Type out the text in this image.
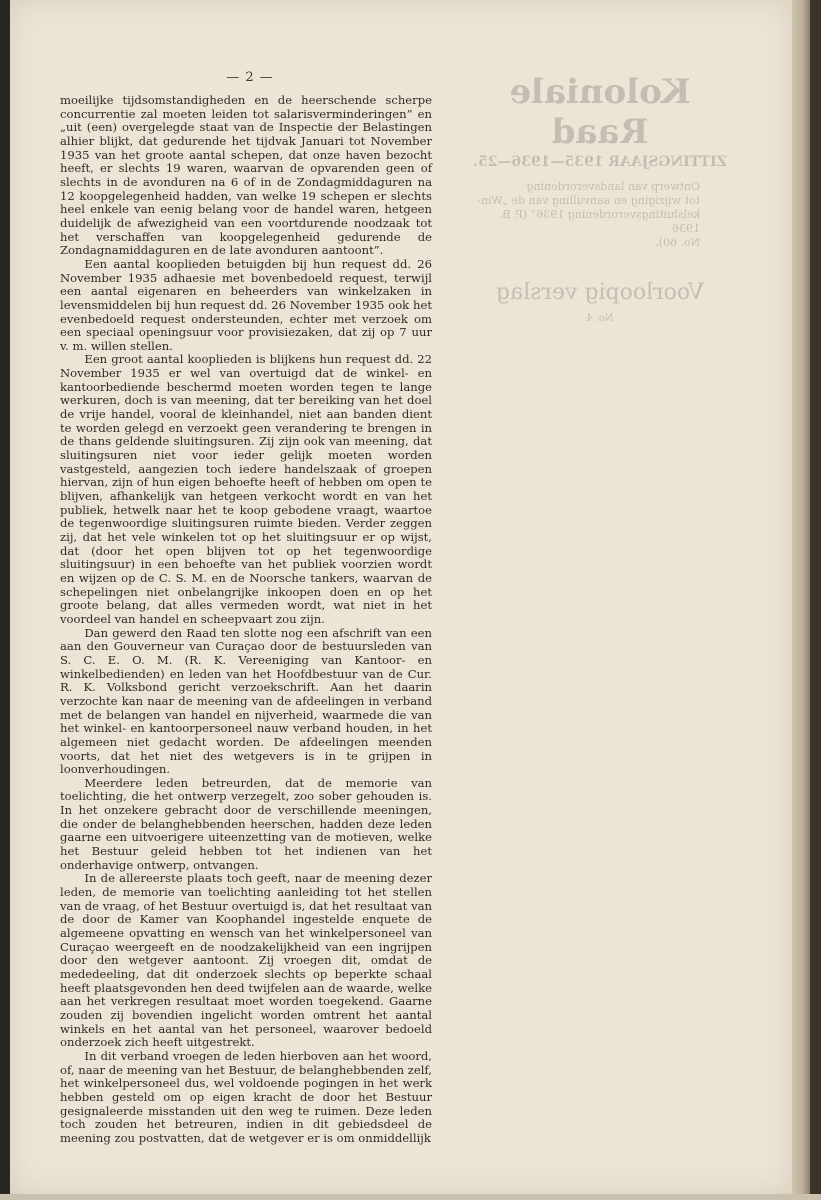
Koloniale Raad
ZITTINGSJAAR 1935—1936—25.
Ontwerp van landsverordening
tot wijziging en aanvulling van de „Win-
kelsluitingsverordening 1936” (P. B. 1936
No. 60).
Voorloopig verslag
No. 4
— 2 —

moeilijke tijdsomstandigheden en de heerschende scherpe concurrentie zal moeten leiden tot salarisverminderingen” en „uit (een) overgelegde staat van de Inspectie der Belastingen alhier blijkt, dat gedurende het tijdvak Januari tot November 1935 van het groote aantal schepen, dat onze haven bezocht heeft, er slechts 19 waren, waarvan de opvarenden geen of slechts in de avonduren na 6 of in de Zondagmiddaguren na 12 koopgelegenheid hadden, van welke 19 schepen er slechts heel enkele van eenig belang voor de handel waren, hetgeen duidelijk de afwezigheid van een voortdurende noodzaak tot het verschaffen van koopgelegenheid gedurende de Zondagnamiddaguren en de late avonduren aantoont”.

Een aantal kooplieden betuigden bij hun request dd. 26 November 1935 adhaesie met bovenbedoeld request, terwijl een aantal eigenaren en beheerders van winkelzaken in levensmiddelen bij hun request dd. 26 November 1935 ook het evenbedoeld request ondersteunden, echter met verzoek om een speciaal openingsuur voor provisiezaken, dat zij op 7 uur v. m. willen stellen.

Een groot aantal kooplieden is blijkens hun request dd. 22 November 1935 er wel van overtuigd dat de winkel- en kantoorbediende beschermd moeten worden tegen te lange werkuren, doch is van meening, dat ter bereiking van het doel de vrije handel, vooral de kleinhandel, niet aan banden dient te worden gelegd en verzoekt geen verandering te brengen in de thans geldende sluitingsuren. Zij zijn ook van meening, dat sluitingsuren niet voor ieder gelijk moeten worden vastgesteld, aangezien toch iedere handelszaak of groepen hiervan, zijn of hun eigen behoefte heeft of hebben om open te blijven, afhankelijk van hetgeen verkocht wordt en van het publiek, hetwelk naar het te koop gebodene vraagt, waartoe de tegenwoordige sluitingsuren ruimte bieden. Verder zeggen zij, dat het vele winkelen tot op het sluitingsuur er op wijst, dat (door het open blijven tot op het tegenwoordige sluitingsuur) in een behoefte van het publiek voorzien wordt en wijzen op de C. S. M. en de Noorsche tankers, waarvan de schepelingen niet onbelangrijke inkoopen doen en op het groote belang, dat alles vermeden wordt, wat niet in het voordeel van handel en scheepvaart zou zijn.

Dan gewerd den Raad ten slotte nog een afschrift van een aan den Gouverneur van Curaçao door de bestuursleden van S. C. E. O. M. (R. K. Vereeniging van Kantoor- en winkelbedienden) en leden van het Hoofdbestuur van de Cur. R. K. Volksbond gericht verzoekschrift. Aan het daarin verzochte kan naar de meening van de afdeelingen in verband met de belangen van handel en nijverheid, waarmede die van het winkel- en kantoorpersoneel nauw verband houden, in het algemeen niet gedacht worden. De afdeelingen meenden voorts, dat het niet des wetgevers is in te grijpen in loonverhoudingen.

Meerdere leden betreurden, dat de memorie van toelichting, die het ontwerp verzegelt, zoo sober gehouden is. In het onzekere gebracht door de verschillende meeningen, die onder de belanghebbenden heerschen, hadden deze leden gaarne een uitvoerigere uiteenzetting van de motieven, welke het Bestuur geleid hebben tot het indienen van het onderhavige ontwerp, ontvangen.

In de allereerste plaats toch geeft, naar de meening dezer leden, de memorie van toelichting aanleiding tot het stellen van de vraag, of het Bestuur overtuigd is, dat het resultaat van de door de Kamer van Koophandel ingestelde enquete de algemeene opvatting en wensch van het winkelpersoneel van Curaçao weergeeft en de noodzakelijkheid van een ingrijpen door den wetgever aantoont. Zij vroegen dit, omdat de mededeeling, dat dit onderzoek slechts op beperkte schaal heeft plaatsgevonden hen deed twijfelen aan de waarde, welke aan het verkregen resultaat moet worden toegekend. Gaarne zouden zij bovendien ingelicht worden omtrent het aantal winkels en het aantal van het personeel, waarover bedoeld onderzoek zich heeft uitgestrekt.

In dit verband vroegen de leden hierboven aan het woord, of, naar de meening van het Bestuur, de belanghebbenden zelf, het winkelpersoneel dus, wel voldoende pogingen in het werk hebben gesteld om op eigen kracht de door het Bestuur gesignaleerde misstanden uit den weg te ruimen. Deze leden toch zouden het betreuren, indien in dit gebiedsdeel de meening zou postvatten, dat de wetgever er is om onmiddellijk
